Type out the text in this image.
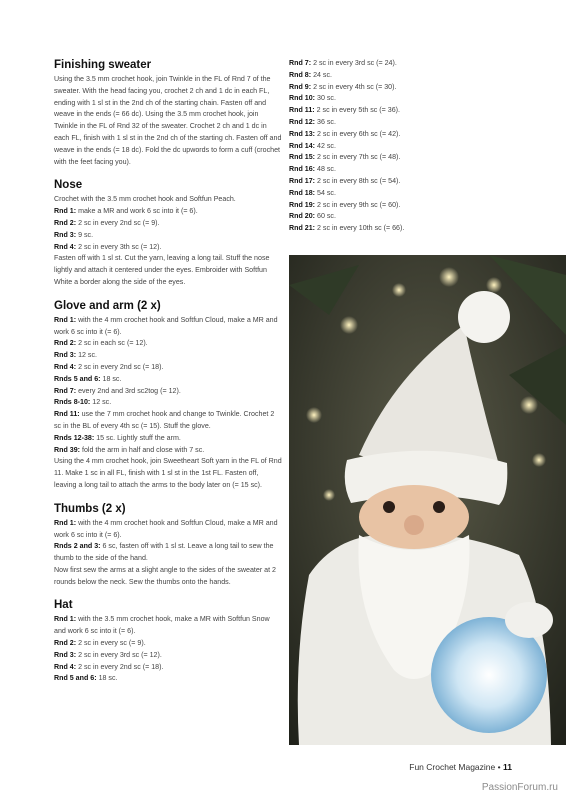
Finishing sweater

Using the 3.5 mm crochet hook, join Twinkle in the FL of Rnd 7 of the sweater. With the head facing you, crochet 2 ch and 1 dc in each FL, ending with 1 sl st in the 2nd ch of the starting chain. Fasten off and weave in the ends (= 66 dc). Using the 3.5 mm crochet hook, join Twinkle in the FL of Rnd 32 of the sweater. Crochet 2 ch and 1 dc in each FL, finish with 1 sl st in the 2nd ch of the starting ch. Fasten off and weave in the ends (= 18 dc). Fold the dc upwords to form a cuff (crochet with the feet facing you).

Nose

Crochet with the 3.5 mm crochet hook and Softfun Peach.

Rnd 1: make a MR and work 6 sc into it (= 6).

Rnd 2: 2 sc in every 2nd sc (= 9).

Rnd 3: 9 sc.

Rnd 4: 2 sc in every 3th sc (= 12).

Fasten off with 1 sl st. Cut the yarn, leaving a long tail. Stuff the nose lightly and attach it centered under the eyes. Embroider with Softfun White a border along the side of the eyes.

Glove and arm (2 x)

Rnd 1: with the 4 mm crochet hook and Softfun Cloud, make a MR and work 6 sc into it (= 6).

Rnd 2: 2 sc in each sc (= 12).

Rnd 3: 12 sc.

Rnd 4: 2 sc in every 2nd sc (= 18).

Rnds 5 and 6: 18 sc.

Rnd 7: every 2nd and 3rd sc2tog (= 12).

Rnds 8-10: 12 sc.

Rnd 11: use the 7 mm crochet hook and change to Twinkle. Crochet 2 sc in the BL of every 4th sc (= 15). Stuff the glove.

Rnds 12-38: 15 sc. Lightly stuff the arm.

Rnd 39: fold the arm in half and close with 7 sc.

Using the 4 mm crochet hook, join Sweetheart Soft yarn in the FL of Rnd 11. Make 1 sc in all FL, finish with 1 sl st in the 1st FL. Fasten off, leaving a long tail to attach the arms to the body later on (= 15 sc).

Thumbs (2 x)

Rnd 1: with the 4 mm crochet hook and Softfun Cloud, make a MR and work 6 sc into it (= 6).

Rnds 2 and 3: 6 sc, fasten off with 1 sl st. Leave a long tail to sew the thumb to the side of the hand.

Now first sew the arms at a slight angle to the sides of the sweater at 2 rounds below the neck. Sew the thumbs onto the hands.

Hat

Rnd 1: with the 3.5 mm crochet hook, make a MR with Softfun Snow and work 6 sc into it (= 6).

Rnd 2: 2 sc in every sc (= 9).

Rnd 3: 2 sc in every 3rd sc (= 12).

Rnd 4: 2 sc in every 2nd sc (= 18).

Rnd 5 and 6: 18 sc.

Rnd 7: 2 sc in every 3rd sc (= 24).

Rnd 8: 24 sc.

Rnd 9: 2 sc in every 4th sc (= 30).

Rnd 10: 30 sc.

Rnd 11: 2 sc in every 5th sc (= 36).

Rnd 12: 36 sc.

Rnd 13: 2 sc in every 6th sc (= 42).

Rnd 14: 42 sc.

Rnd 15: 2 sc in every 7th sc (= 48).

Rnd 16: 48 sc.

Rnd 17: 2 sc in every 8th sc (= 54).

Rnd 18: 54 sc.

Rnd 19: 2 sc in every 9th sc (= 60).

Rnd 20: 60 sc.

Rnd 21: 2 sc in every 10th sc (= 66).

Fun Crochet Magazine • 11
PassionForum.ru
